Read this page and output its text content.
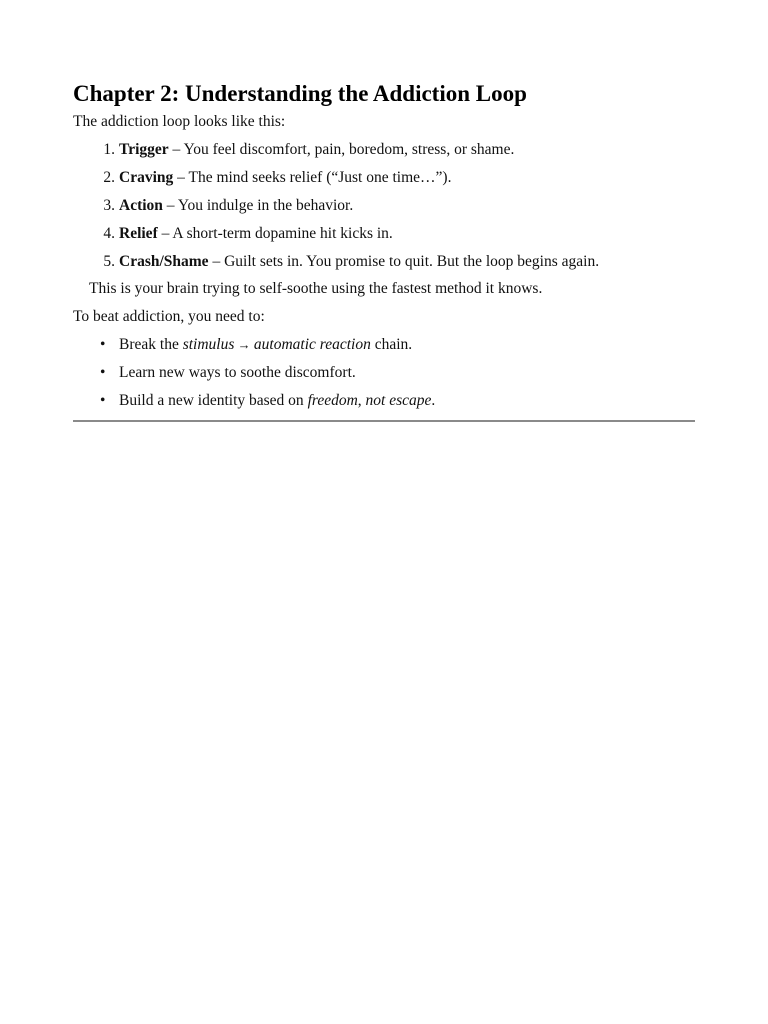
Chapter 2: Understanding the Addiction Loop

The addiction loop looks like this:

1. Trigger – You feel discomfort, pain, boredom, stress, or shame.
2. Craving – The mind seeks relief (“Just one time…”).
3. Action – You indulge in the behavior.
4. Relief – A short-term dopamine hit kicks in.
5. Crash/Shame – Guilt sets in. You promise to quit. But the loop begins again.

This is your brain trying to self-soothe using the fastest method it knows.

To beat addiction, you need to:

• Break the stimulus → automatic reaction chain.
• Learn new ways to soothe discomfort.
• Build a new identity based on freedom, not escape.
